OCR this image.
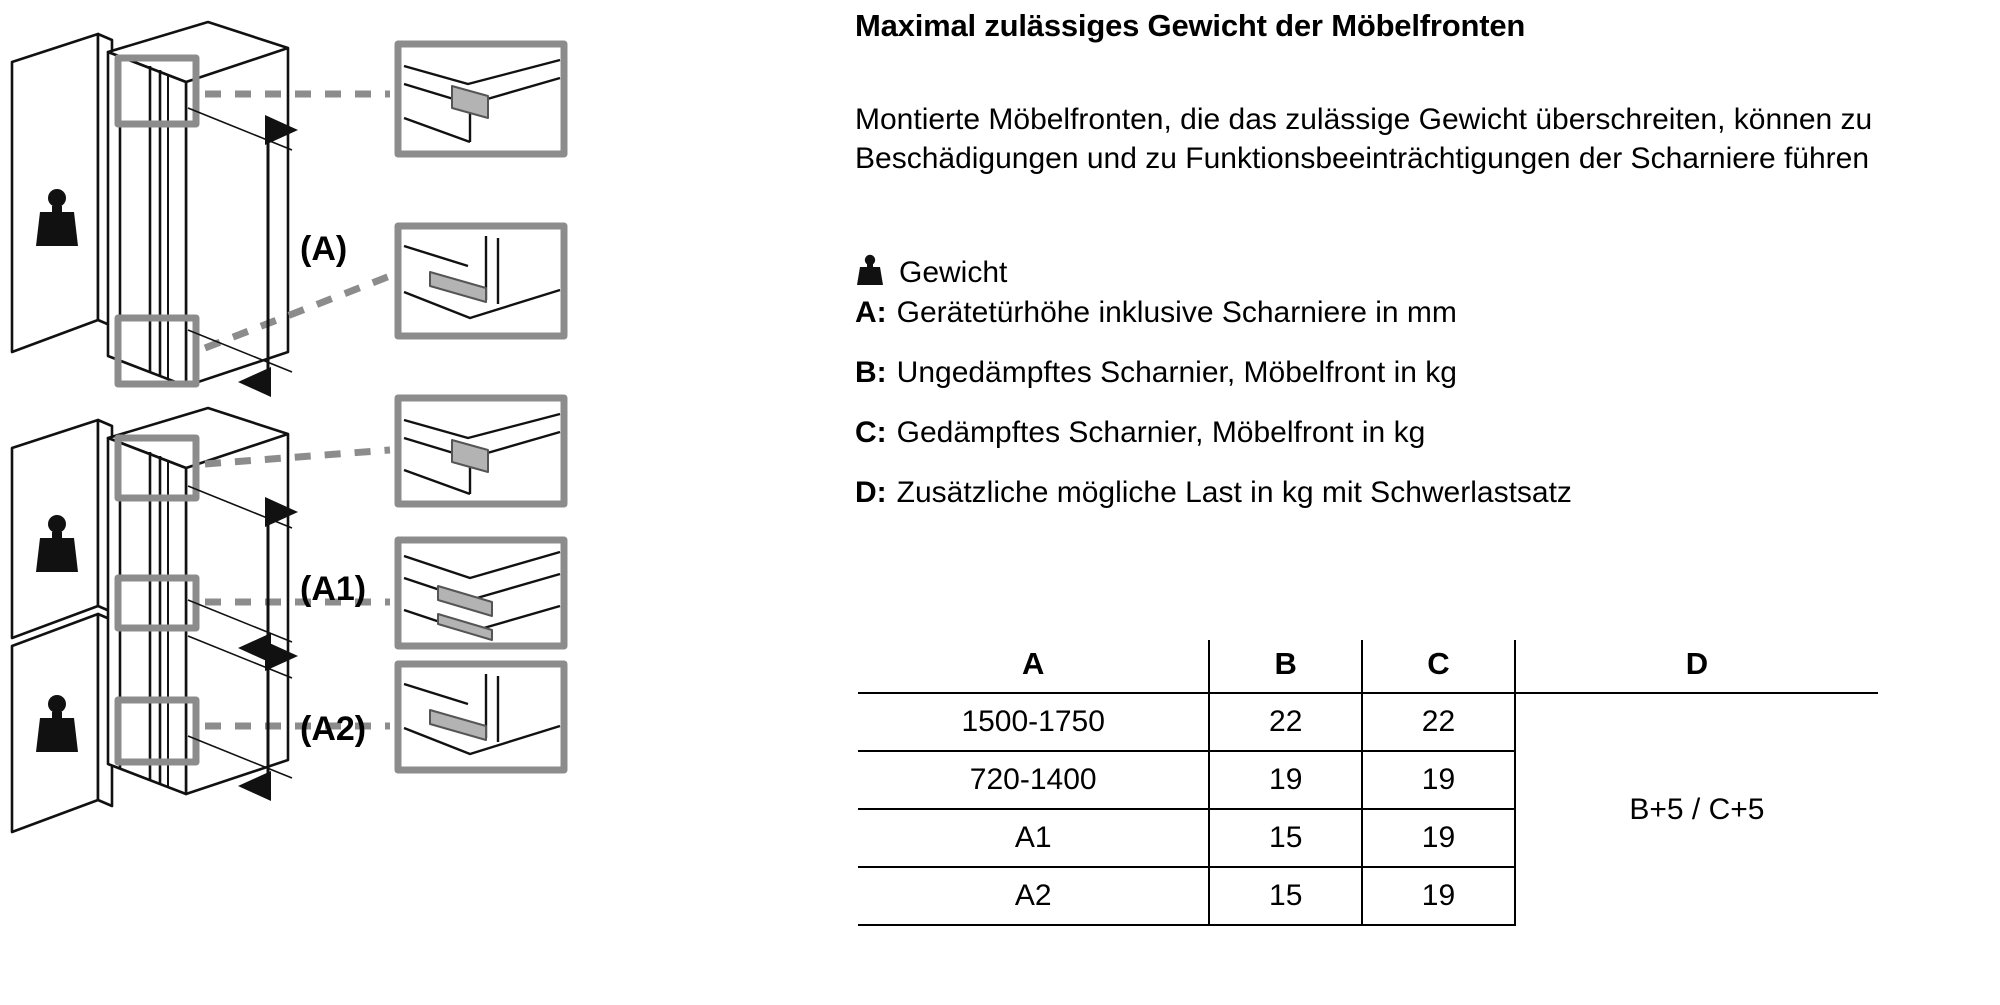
(A)
(A1)
(A2)
Maximal zulässiges Gewicht der Möbelfronten
Montierte Möbelfronten, die das zulässige Gewicht überschreiten, können zu Beschädigungen und zu Funktionsbeeinträchtigungen der Scharniere führen
Gewicht
A: Gerätetürhöhe inklusive Scharniere in mm
B: Ungedämpftes Scharnier, Möbelfront in kg
C: Gedämpftes Scharnier, Möbelfront in kg
D: Zusätzliche mögliche Last in kg mit Schwerlastsatz
A	B	C	D
1500-1750	22	22	B+5 / C+5
720-1400	19	19	
A1	15	19	
A2	15	19	
